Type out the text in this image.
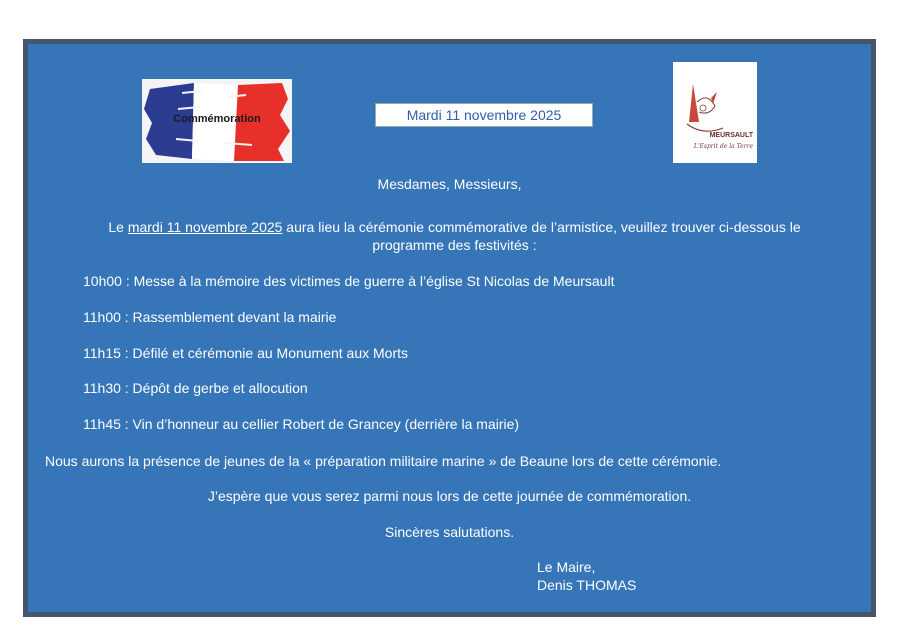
Commémoration	Mardi 11 novembre 2025
MEURSAULT
L'Esprit de la Terre
Mesdames, Messieurs,
Le mardi 11 novembre 2025 aura lieu la cérémonie commémorative de l’armistice, veuillez trouver ci-dessous le programme des festivités :
10h00 : Messe à la mémoire des victimes de guerre à l’église St Nicolas de Meursault
11h00 : Rassemblement devant la mairie
11h15 : Défilé et cérémonie au Monument aux Morts
11h30 : Dépôt de gerbe et allocution
11h45 : Vin d’honneur au cellier Robert de Grancey (derrière la mairie)
Nous aurons la présence de jeunes de la « préparation militaire marine » de Beaune lors de cette cérémonie.
J’espère que vous serez parmi nous lors de cette journée de commémoration.
Sincères salutations.
Le Maire,
Denis THOMAS
